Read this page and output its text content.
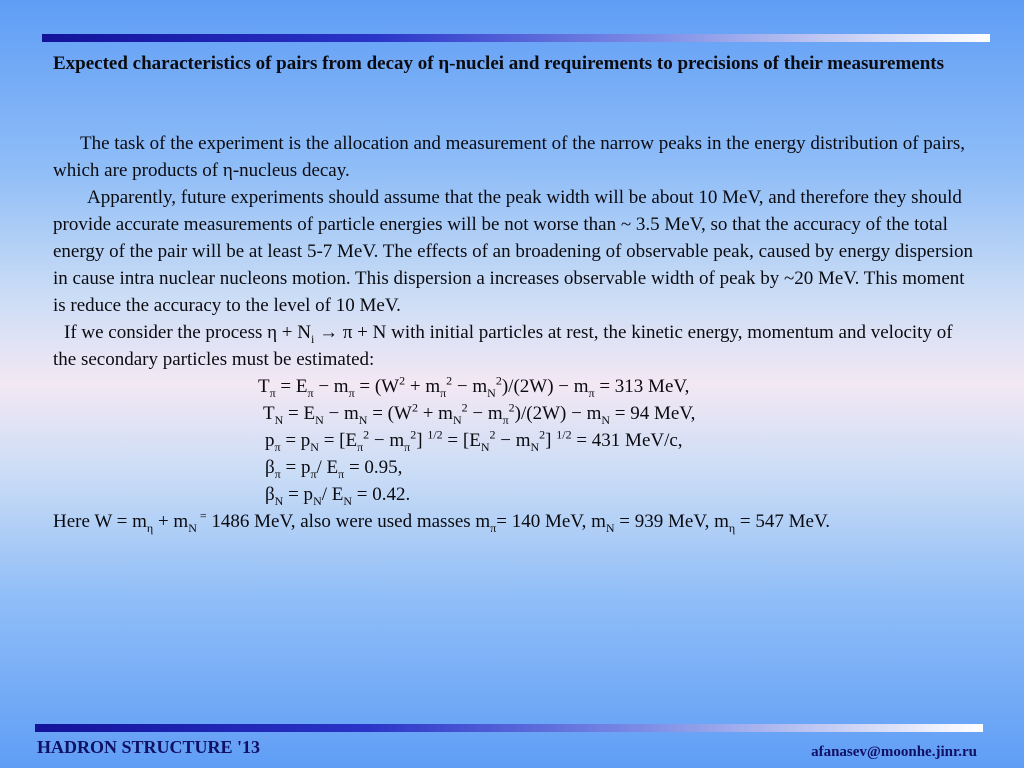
Expected characteristics of pairs from decay of η-nuclei and requirements to precisions of their measurements

The task of the experiment is the allocation and measurement of the narrow peaks in the energy distribution of pairs, which are products of η-nucleus decay.

Apparently, future experiments should assume that the peak width will be about 10 MeV, and therefore they should provide accurate measurements of particle energies will be not worse than ~ 3.5 MeV, so that the accuracy of the total energy of the pair will be at least 5-7 MeV. The effects of an broadening of observable peak, caused by energy dispersion in cause intra nuclear nucleons motion. This dispersion a increases observable width of peak by ~20 MeV. This moment is reduce the accuracy to the level of 10 MeV.

If we consider the process $\eta + N_i \to \pi + N$ with initial particles at rest, the kinetic energy, momentum and velocity of the secondary particles must be estimated:

$T_\pi = E_\pi - m_\pi = (W^2 + m_\pi^2 - m_N^2)/(2W) - m_\pi = 313$ MeV,
$T_N = E_N - m_N = (W^2 + m_N^2 - m_\pi^2)/(2W) - m_N = 94$ MeV,
$p_\pi = p_N = [E_\pi^2 - m_\pi^2] ^{1/2} = [E_N^2 - m_N^2] ^{1/2} = 431$ MeV/c,
$\beta_\pi = p_\pi/$ $E_\pi = 0.95$,
$\beta_N = p_N/$ $E_N = 0.42$.

Here $W = m_\eta + m_N$ = 1486 MeV, also were used masses $m_\pi= 140$ MeV, $m_N = 939$ MeV, $m_\eta = 547$ MeV.

HADRON STRUCTURE '13	afanasev@moonhe.jinr.ru
